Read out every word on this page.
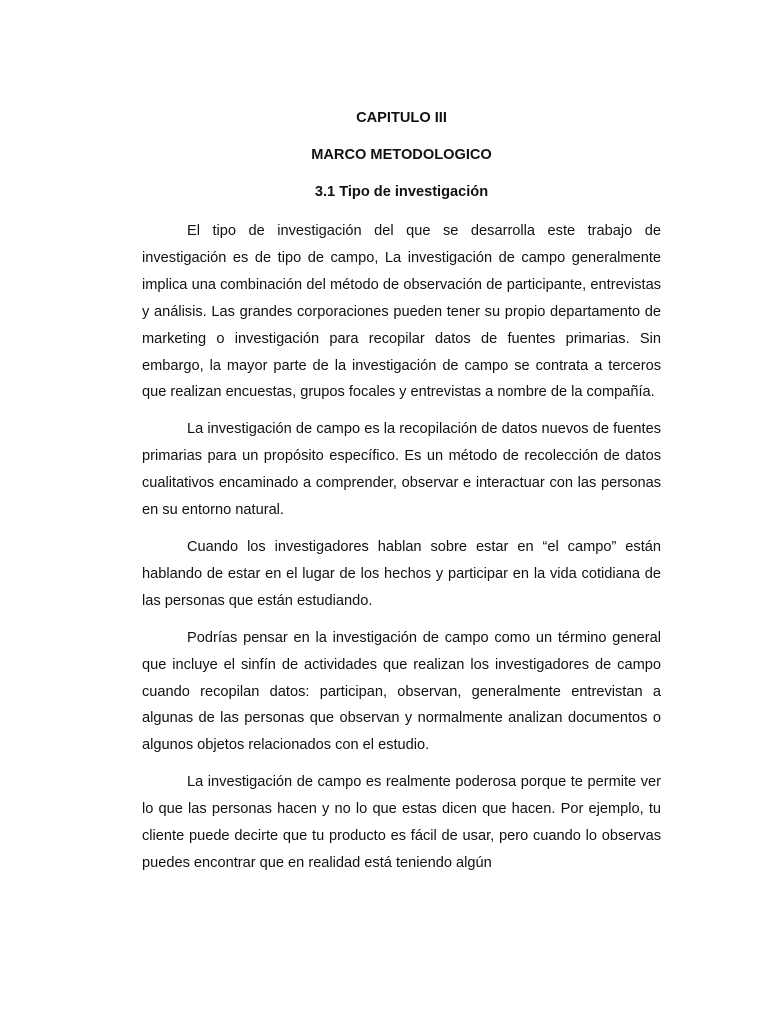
CAPITULO III
MARCO METODOLOGICO
3.1 Tipo de investigación

El tipo de investigación del que se desarrolla este trabajo de investigación es de tipo de campo, La investigación de campo generalmente implica una combinación del método de observación de participante, entrevistas y análisis. Las grandes corporaciones pueden tener su propio departamento de marketing o investigación para recopilar datos de fuentes primarias. Sin embargo, la mayor parte de la investigación de campo se contrata a terceros que realizan encuestas, grupos focales y entrevistas a nombre de la compañía.

La investigación de campo es la recopilación de datos nuevos de fuentes primarias para un propósito específico. Es un método de recolección de datos cualitativos encaminado a comprender, observar e interactuar con las personas en su entorno natural.

Cuando los investigadores hablan sobre estar en “el campo” están hablando de estar en el lugar de los hechos y participar en la vida cotidiana de las personas que están estudiando.

Podrías pensar en la investigación de campo como un término general que incluye el sinfín de actividades que realizan los investigadores de campo cuando recopilan datos: participan, observan, generalmente entrevistan a algunas de las personas que observan y normalmente analizan documentos o algunos objetos relacionados con el estudio.

La investigación de campo es realmente poderosa porque te permite ver lo que las personas hacen y no lo que estas dicen que hacen. Por ejemplo, tu cliente puede decirte que tu producto es fácil de usar, pero cuando lo observas puedes encontrar que en realidad está teniendo algún
